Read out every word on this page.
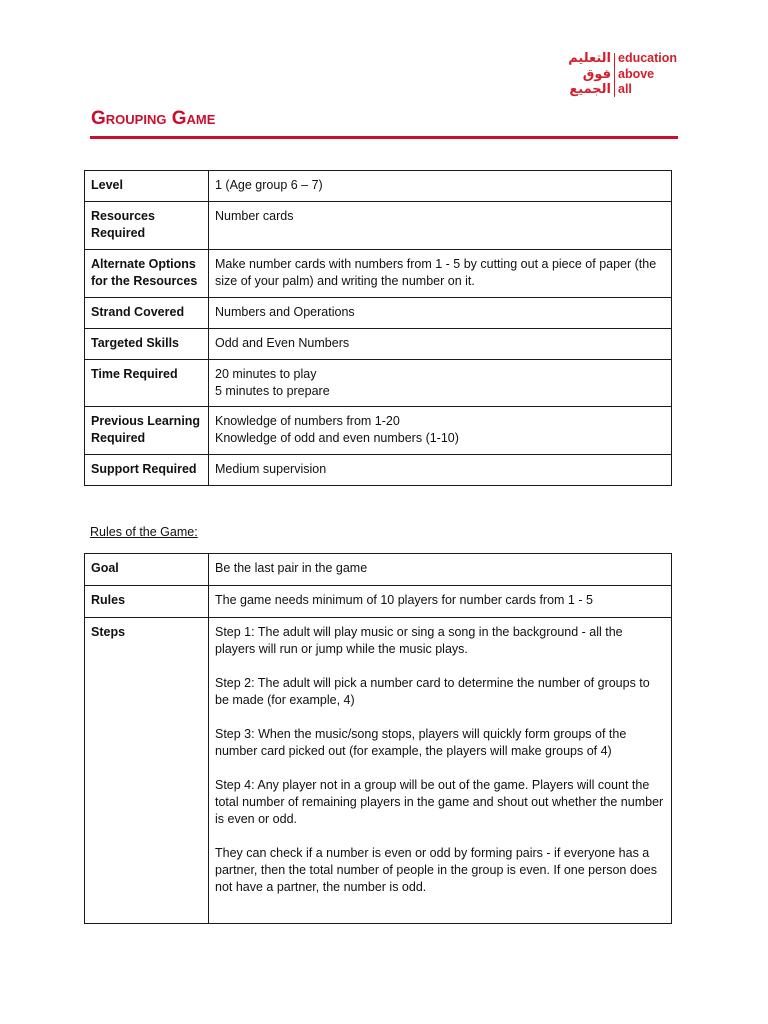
التعليم
فوق
الجميع
education
above
all
Grouping Game
Level	1 (Age group 6 – 7)

Resources Required	Number cards

Alternate Options for the Resources	Make number cards with numbers from 1 - 5 by cutting out a piece of paper (the size of your palm) and writing the number on it.

Strand Covered	Numbers and Operations

Targeted Skills	Odd and Even Numbers

Time Required	20 minutes to play
5 minutes to prepare

Previous Learning Required	Knowledge of numbers from 1-20
Knowledge of odd and even numbers (1-10)

Support Required	Medium supervision
Rules of the Game:
Goal	Be the last pair in the game

Rules	The game needs minimum of 10 players for number cards from 1 - 5

Steps	Step 1: The adult will play music or sing a song in the background - all the players will run or jump while the music plays.
Step 2: The adult will pick a number card to determine the number of groups to be made (for example, 4)
Step 3: When the music/song stops, players will quickly form groups of the number card picked out (for example, the players will make groups of 4)
Step 4: Any player not in a group will be out of the game. Players will count the total number of remaining players in the game and shout out whether the number is even or odd.
They can check if a number is even or odd by forming pairs - if everyone has a partner, then the total number of people in the group is even. If one person does not have a partner, the number is odd.
